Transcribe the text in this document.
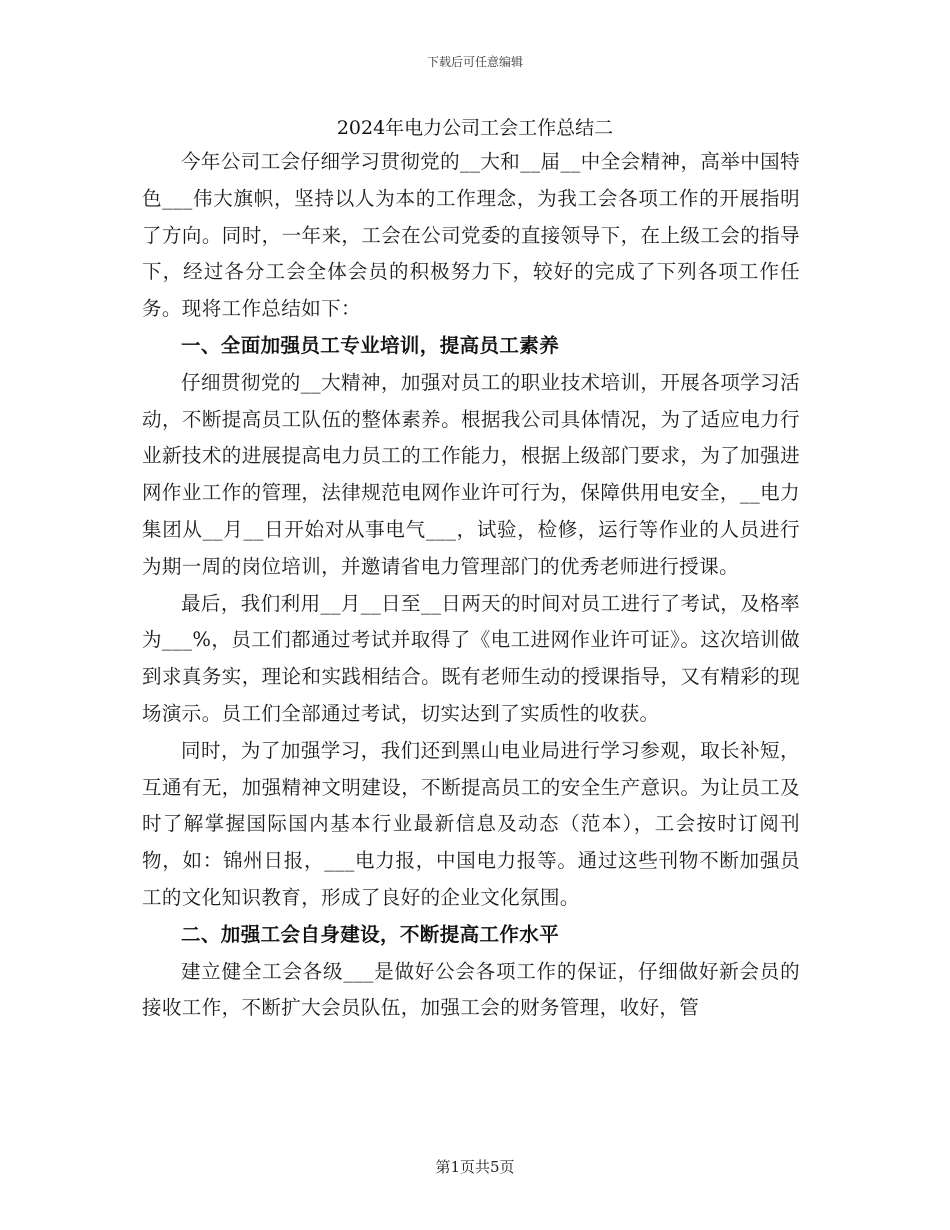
下载后可任意编辑
2024年电力公司工会工作总结二

今年公司工会仔细学习贯彻党的__大和__届__中全会精神，高举中国特色___伟大旗帜，坚持以人为本的工作理念，为我工会各项工作的开展指明了方向。同时，一年来，工会在公司党委的直接领导下，在上级工会的指导下，经过各分工会全体会员的积极努力下，较好的完成了下列各项工作任务。现将工作总结如下：

一、全面加强员工专业培训，提高员工素养

仔细贯彻党的__大精神，加强对员工的职业技术培训，开展各项学习活动，不断提高员工队伍的整体素养。根据我公司具体情况，为了适应电力行业新技术的进展提高电力员工的工作能力，根据上级部门要求，为了加强进网作业工作的管理，法律规范电网作业许可行为，保障供用电安全，__电力集团从__月__日开始对从事电气___，试验，检修，运行等作业的人员进行为期一周的岗位培训，并邀请省电力管理部门的优秀老师进行授课。

最后，我们利用__月__日至__日两天的时间对员工进行了考试，及格率为___%，员工们都通过考试并取得了《电工进网作业许可证》。这次培训做到求真务实，理论和实践相结合。既有老师生动的授课指导，又有精彩的现场演示。员工们全部通过考试，切实达到了实质性的收获。

同时，为了加强学习，我们还到黑山电业局进行学习参观，取长补短，互通有无，加强精神文明建设，不断提高员工的安全生产意识。为让员工及时了解掌握国际国内基本行业最新信息及动态（范本），工会按时订阅刊物，如：锦州日报，___电力报，中国电力报等。通过这些刊物不断加强员工的文化知识教育，形成了良好的企业文化氛围。

二、加强工会自身建设，不断提高工作水平

建立健全工会各级___是做好公会各项工作的保证，仔细做好新会员的接收工作，不断扩大会员队伍，加强工会的财务管理，收好，管

第1页共5页
